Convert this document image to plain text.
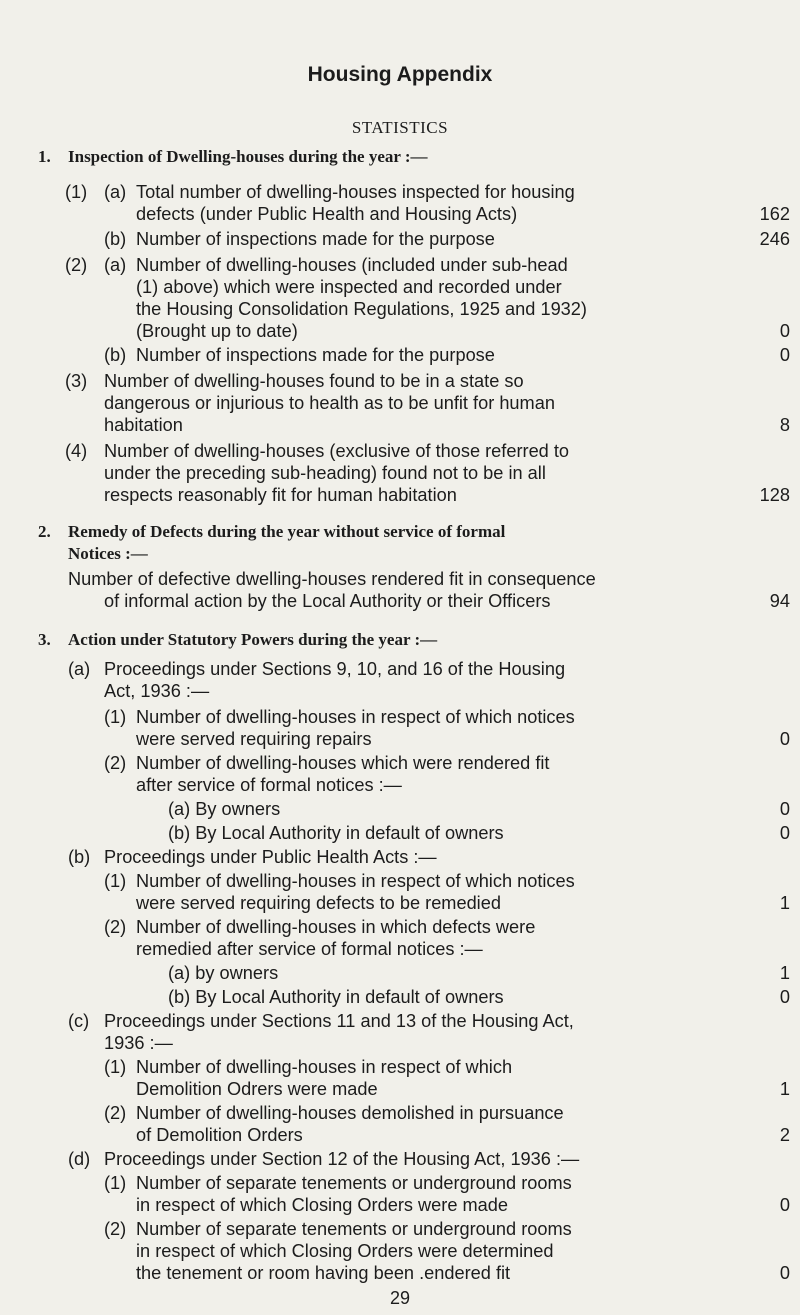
Housing Appendix
STATISTICS
1. Inspection of Dwelling-houses during the year :—
(1) (a) Total number of dwelling-houses inspected for housing
defects (under Public Health and Housing Acts)	162
(b) Number of inspections made for the purpose	246
(2) (a) Number of dwelling-houses (included under sub-head
(1) above) which were inspected and recorded under
the Housing Consolidation Regulations, 1925 and 1932)
(Brought up to date)	0
(b) Number of inspections made for the purpose	0
(3) Number of dwelling-houses found to be in a state so
dangerous or injurious to health as to be unfit for human
habitation	8
(4) Number of dwelling-houses (exclusive of those referred to
under the preceding sub-heading) found not to be in all
respects reasonably fit for human habitation	128
2. Remedy of Defects during the year without service of formal
Notices :—
Number of defective dwelling-houses rendered fit in consequence
of informal action by the Local Authority or their Officers	94
3. Action under Statutory Powers during the year :—
(a) Proceedings under Sections 9, 10, and 16 of the Housing
Act, 1936 :—
(1) Number of dwelling-houses in respect of which notices
were served requiring repairs	0
(2) Number of dwelling-houses which were rendered fit
after service of formal notices :—
(a) By owners	0
(b) By Local Authority in default of owners	0
(b) Proceedings under Public Health Acts :—
(1) Number of dwelling-houses in respect of which notices
were served requiring defects to be remedied	1
(2) Number of dwelling-houses in which defects were
remedied after service of formal notices :—
(a) by owners	1
(b) By Local Authority in default of owners	0
(c) Proceedings under Sections 11 and 13 of the Housing Act,
1936 :—
(1) Number of dwelling-houses in respect of which
Demolition Odrers were made	1
(2) Number of dwelling-houses demolished in pursuance
of Demolition Orders	2
(d) Proceedings under Section 12 of the Housing Act, 1936 :—
(1) Number of separate tenements or underground rooms
in respect of which Closing Orders were made	0
(2) Number of separate tenements or underground rooms
in respect of which Closing Orders were determined
the tenement or room having been .endered fit	0
29
